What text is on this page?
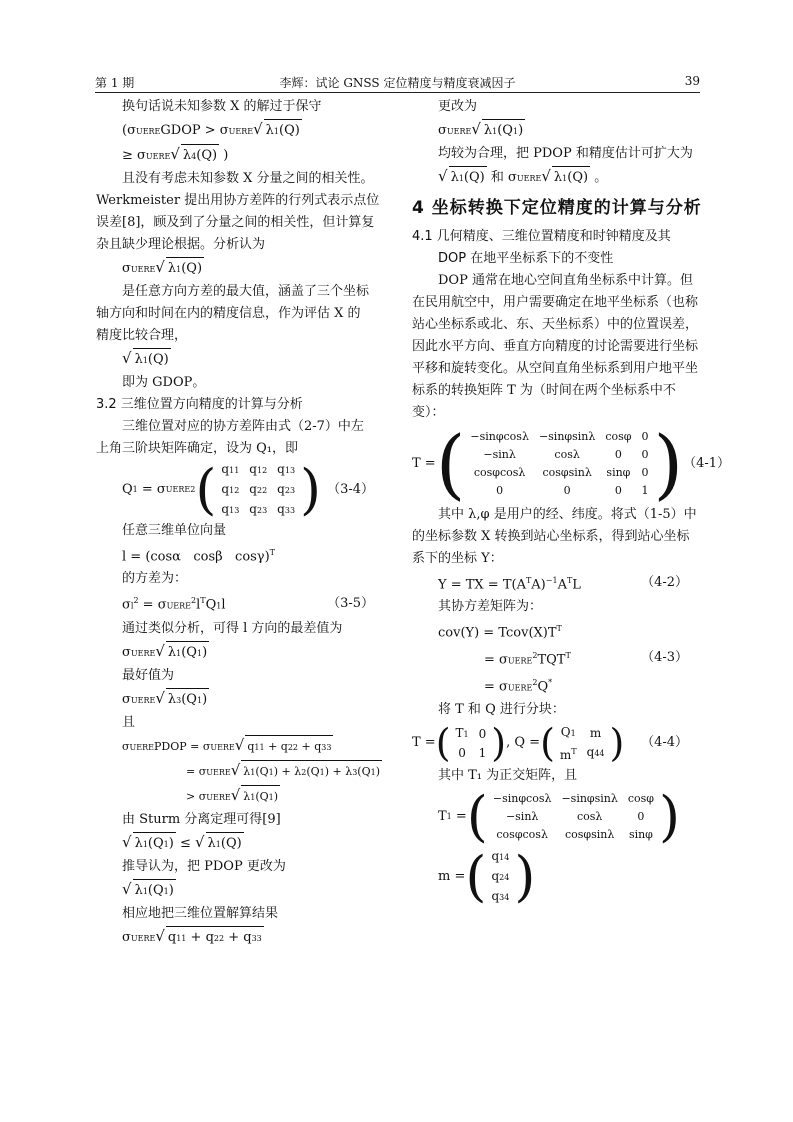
第 1 期	李辉：试论 GNSS 定位精度与精度衰减因子	39

换句话说未知参数 X 的解过于保守

(σUEREGDOP > σUERE√ λ1(Q)
≥ σUERE√ λ4(Q) )

且没有考虑未知参数 X 分量之间的相关性。

Werkmeister 提出用协方差阵的行列式表示点位

误差[8]，顾及到了分量之间的相关性，但计算复

杂且缺少理论根据。分析认为

σUERE√ λ1(Q)

是任意方向方差的最大值，涵盖了三个坐标

轴方向和时间在内的精度信息，作为评估 X 的

精度比较合理，

√ λ1(Q)

即为 GDOP。

3.2 三维位置方向精度的计算与分析

三维位置对应的协方差阵由式（2-7）中左

上角三阶块矩阵确定，设为 Q₁，即

Q 1 = σ UERE 2 ( q11	q12	q13
q12	q22	q23
q13	q23	q33 ) （3-4）

任意三维单位向量

l = (cosα   cosβ   cosγ)$^T$

的方差为：

$\sigma l^2$ = $\sigma UERE^2l^TQ1l$	（3-5）

通过类似分析，可得 l 方向的最差值为

σUERE√ λ1(Q1)

最好值为

σUERE√ λ3(Q1)

且

σUEREPDOP = σUERE√ q11 + q22 + q33
= σUERE√ λ1(Q1) + λ2(Q1) + λ3(Q1)
> σUERE√ λ1(Q1)

由 Sturm 分离定理可得[9]

√ λ1(Q1) ≤ √ λ1(Q)

推导认为，把 PDOP 更改为

√ λ1(Q1)

相应地把三维位置解算结果

σUERE√ q11 + q22 + q33

更改为

σUERE√ λ1(Q1)

均较为合理，把 PDOP 和精度估计可扩大为

√ λ1(Q) 和 σUERE√ λ1(Q) 。

4 坐标转换下定位精度的计算与分析

4.1 几何精度、三维位置精度和时钟精度及其

DOP 在地平坐标系下的不变性

DOP 通常在地心空间直角坐标系中计算。但在民用航空中，用户需要确定在地平坐标系（也称站心坐标系或北、东、天坐标系）中的位置误差，因此水平方向、垂直方向精度的讨论需要进行坐标平移和旋转变化。从空间直角坐标系到用户地平坐标系的转换矩阵 T 为（时间在两个坐标系中不变）：

T = ( −sinφcosλ	−sinφsinλ	cosφ	0
−sinλ	cosλ	0	0
cosφcosλ	cosφsinλ	sinφ	0
0	0	0	1 ) （4-1）

其中 λ,φ 是用户的经、纬度。将式（1-5）中的坐标参数 X 转换到站心坐标系，得到站心坐标系下的坐标 Y：

Y = TX = $T(A^TA)^{-1}A^TL$	（4-2）

其协方差矩阵为：

$cov(Y) = Tcov(X)T^T$
= $\sigma UERE^2TQT^T$	（4-3）
= σUERE$^2$Q*

将 T 和 Q 进行分块：

T = ( T1	0
0	1 ) , Q = ( Q1	m
$m^T$	q44 ) （4-4）

其中 T₁ 为正交矩阵，且

T 1 = ( −sinφcosλ	−sinφsinλ	cosφ
−sinλ	cosλ	0
cosφcosλ	cosφsinλ	sinφ )
m = ( q14
q24
q34 )
